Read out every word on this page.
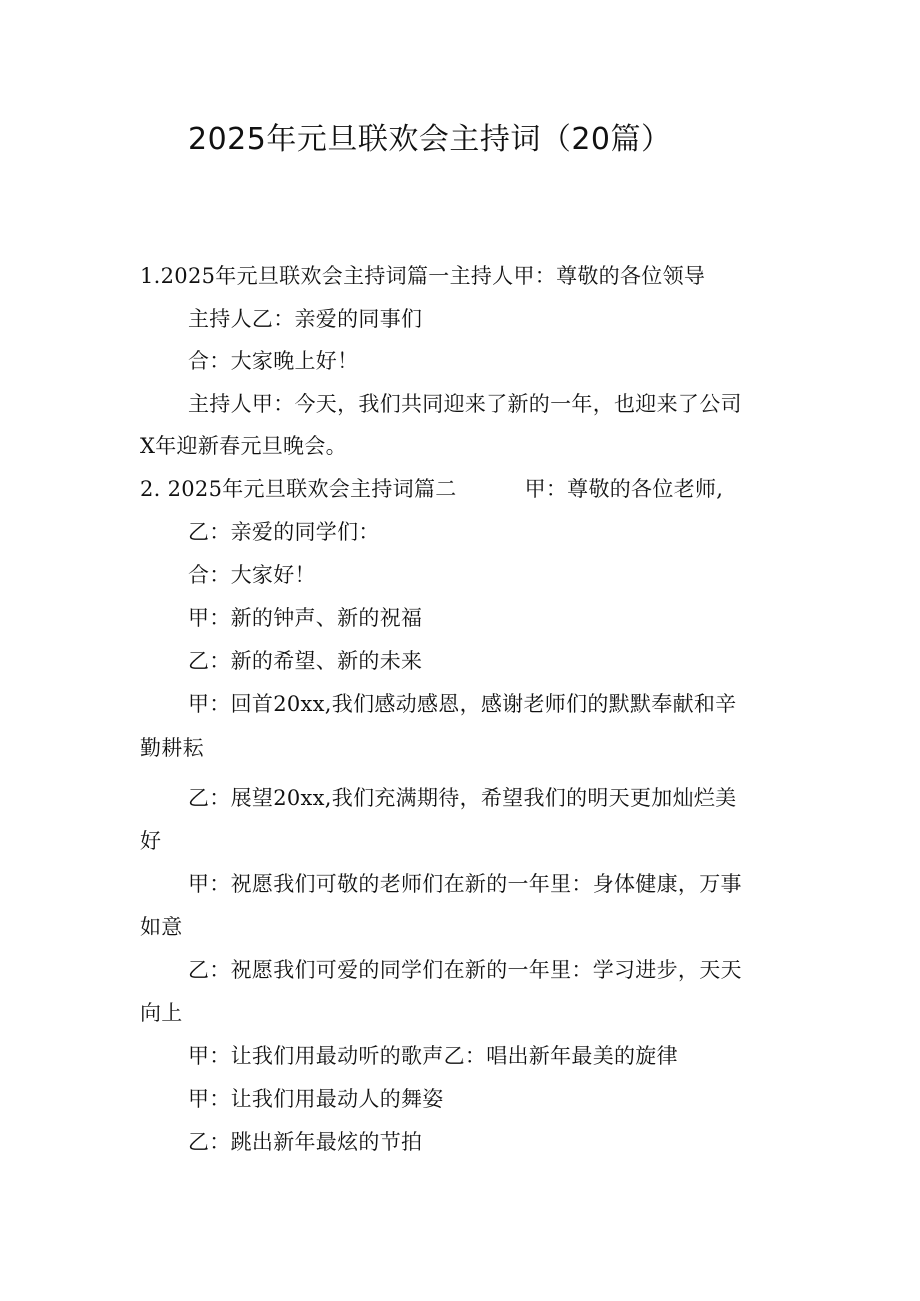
2025年元旦联欢会主持词（20篇）
1.2025年元旦联欢会主持词篇一主持人甲：尊敬的各位领导
主持人乙：亲爱的同事们
合：大家晚上好！
主持人甲：今天，我们共同迎来了新的一年，也迎来了公司
X年迎新春元旦晚会。
2. 2025年元旦联欢会主持词篇二	甲：尊敬的各位老师,
乙：亲爱的同学们：
合：大家好！
甲：新的钟声、新的祝福
乙：新的希望、新的未来
甲：回首20xx,我们感动感恩，感谢老师们的默默奉献和辛
勤耕耘
乙：展望20xx,我们充满期待，希望我们的明天更加灿烂美
好
甲：祝愿我们可敬的老师们在新的一年里：身体健康，万事
如意
乙：祝愿我们可爱的同学们在新的一年里：学习进步，天天
向上
甲：让我们用最动听的歌声乙：唱出新年最美的旋律
甲：让我们用最动人的舞姿
乙：跳出新年最炫的节拍
